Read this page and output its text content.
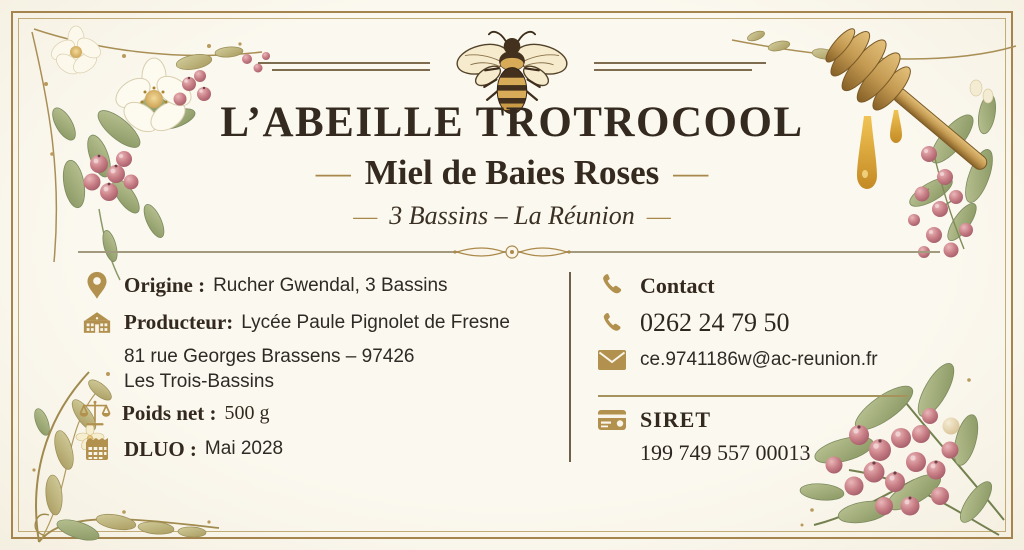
L’ABEILLE TROTROCOOL
— Miel de Baies Roses —
— 3 Bassins – La Réunion —
Origine : Rucher Gwendal, 3 Bassins
Producteur: Lycée Paule Pignolet de Fresne
81 rue Georges Brassens – 97426
Les Trois-Bassins
Poids net : 500 g
DLUO : Mai 2028
Contact
0262 24 79 50
ce.9741186w@ac-reunion.fr
SIRET
199 749 557 00013
